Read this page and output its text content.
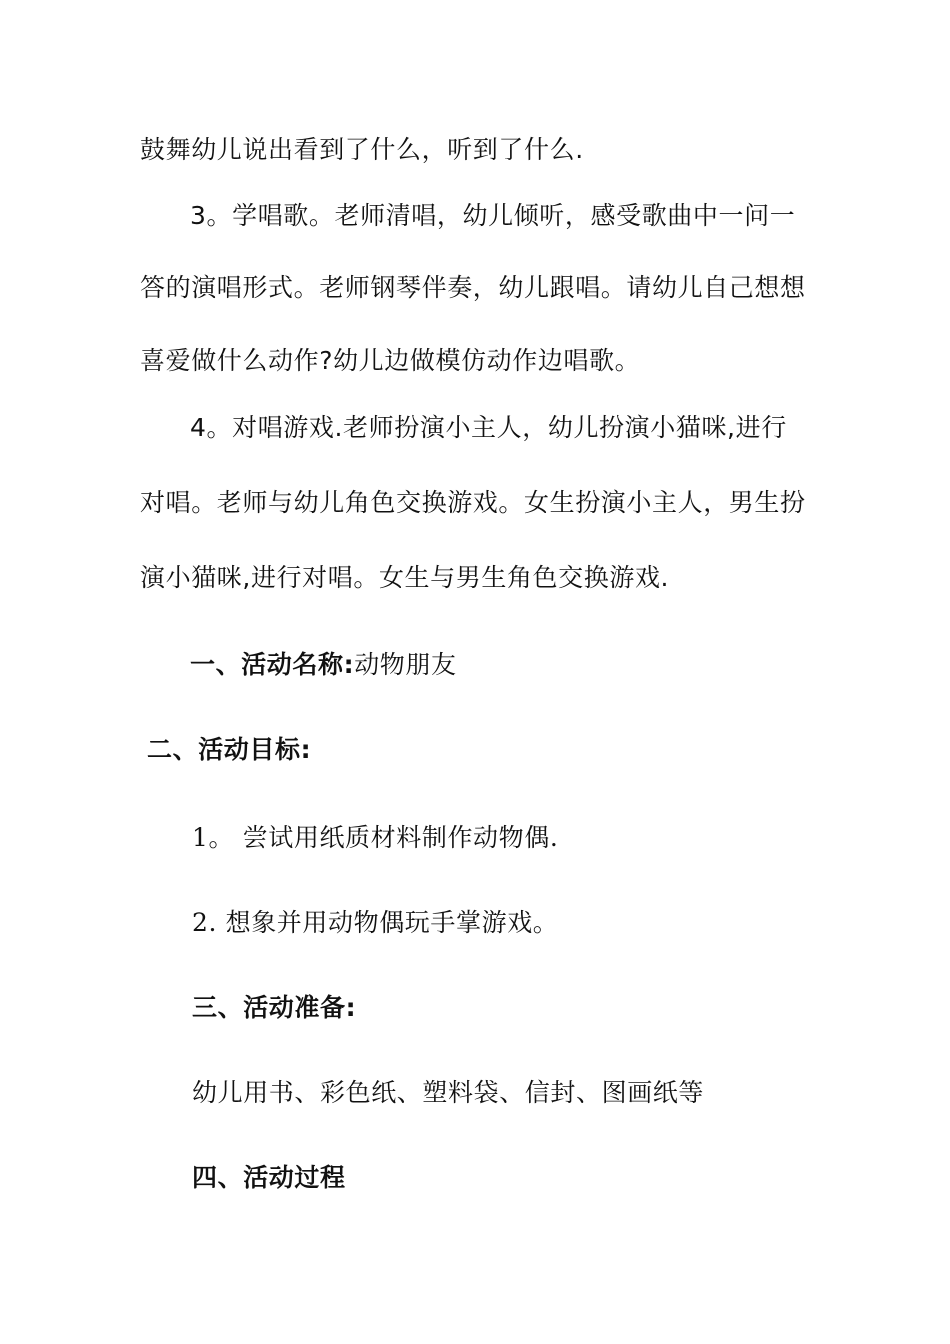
鼓舞幼儿说出看到了什么，听到了什么.
3。学唱歌。老师清唱，幼儿倾听，感受歌曲中一问一
答的演唱形式。老师钢琴伴奏，幼儿跟唱。请幼儿自己想想
喜爱做什么动作?幼儿边做模仿动作边唱歌。
4。对唱游戏.老师扮演小主人，幼儿扮演小猫咪,进行
对唱。老师与幼儿角色交换游戏。女生扮演小主人，男生扮
演小猫咪,进行对唱。女生与男生角色交换游戏.
一、活动名称:动物朋友
二、活动目标:
1。 尝试用纸质材料制作动物偶.
2. 想象并用动物偶玩手掌游戏。
三、活动准备:
幼儿用书、彩色纸、塑料袋、信封、图画纸等
四、活动过程
